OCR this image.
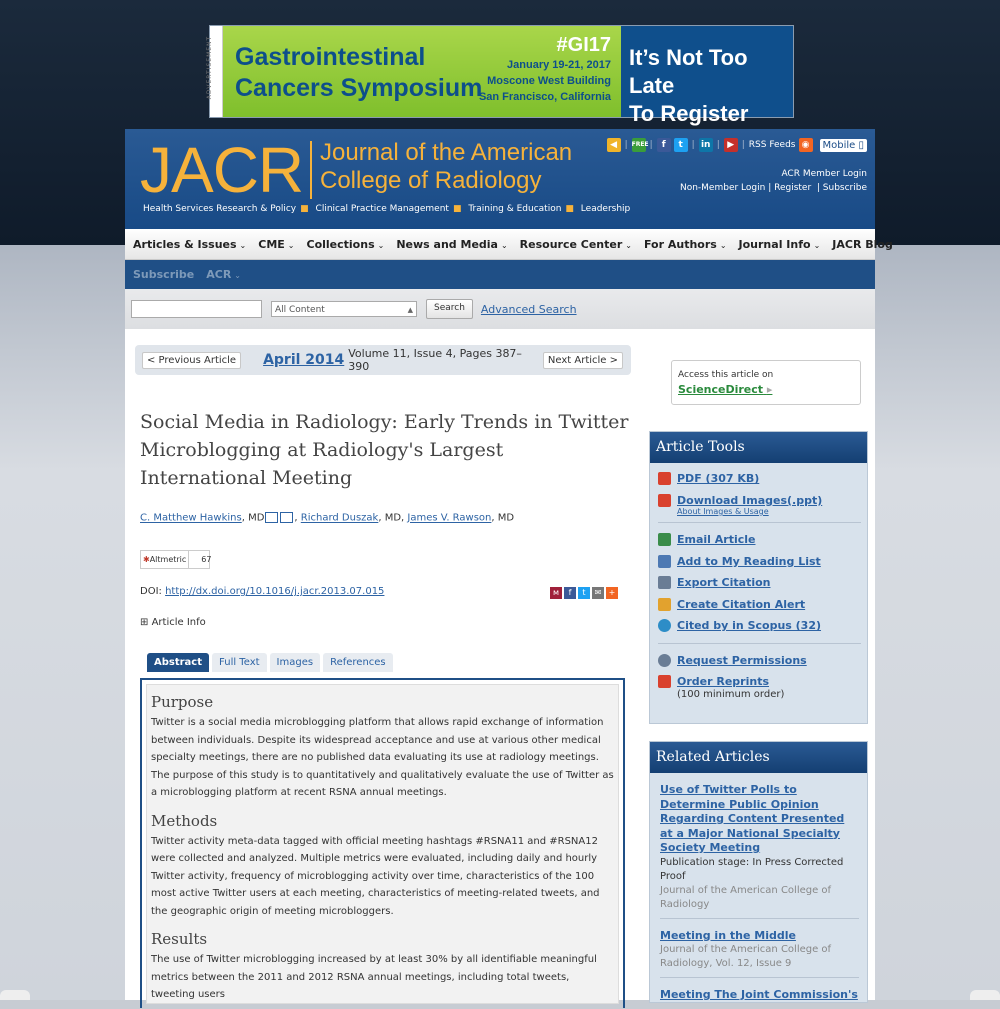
ADVERTISEMENT Gastrointestinal
Cancers Symposium
#GI17
January 19-21, 2017
Moscone West Building
San Francisco, California
It’s Not Too Late
To Register
JACR Journal of the American
College of Radiology
Health Services Research & Policy ■ Clinical Practice Management ■ Training & Education ■ Leadership
◀ | FREE |	f	t | in | ▶ | RSS Feeds ◉	Mobile ▯
ACR Member Login
Non-Member Login | Register  | Subscribe
Articles & Issues ⌄ CME ⌄ Collections ⌄ News and Media ⌄ Resource Center ⌄ For Authors ⌄ Journal Info ⌄ JACR Blog
Subscribe ACR ⌄
All Content	▲	Search	Advanced Search
< Previous Article	April 2014 Volume 11, Issue 4, Pages 387–390	Next Article >
Social Media in Radiology: Early Trends in Twitter Microblogging at Radiology's Largest International Meeting
C. Matthew Hawkins, MD	, Richard Duszak, MD, James V. Rawson, MD
✱Altmetric	67
DOI: http://dx.doi.org/10.1016/j.jacr.2013.07.015	м	f	t	✉ +
⊞ Article Info
Abstract	Full Text	Images	References
Purpose

Twitter is a social media microblogging platform that allows rapid exchange of information between individuals. Despite its widespread acceptance and use at various other medical specialty meetings, there are no published data evaluating its use at radiology meetings. The purpose of this study is to quantitatively and qualitatively evaluate the use of Twitter as a microblogging platform at recent RSNA annual meetings.

Methods

Twitter activity meta-data tagged with official meeting hashtags #RSNA11 and #RSNA12 were collected and analyzed. Multiple metrics were evaluated, including daily and hourly Twitter activity, frequency of microblogging activity over time, characteristics of the 100 most active Twitter users at each meeting, characteristics of meeting-related tweets, and the geographic origin of meeting microbloggers.

Results

The use of Twitter microblogging increased by at least 30% by all identifiable meaningful metrics between the 2011 and 2012 RSNA annual meetings, including total tweets, tweeting users

Access this article on
ScienceDirect ▸
Article Tools
PDF (307 KB)
Download Images(.ppt)
About Images & Usage
Email Article
Add to My Reading List
Export Citation
Create Citation Alert
Cited by in Scopus (32)
Request Permissions
Order Reprints
(100 minimum order)
Related Articles
Use of Twitter Polls to Determine Public Opinion Regarding Content Presented at a Major National Specialty Society Meeting
Publication stage: In Press Corrected Proof
Journal of the American College of Radiology
Meeting in the Middle
Journal of the American College of Radiology, Vol. 12, Issue 9
Meeting The Joint Commission's
